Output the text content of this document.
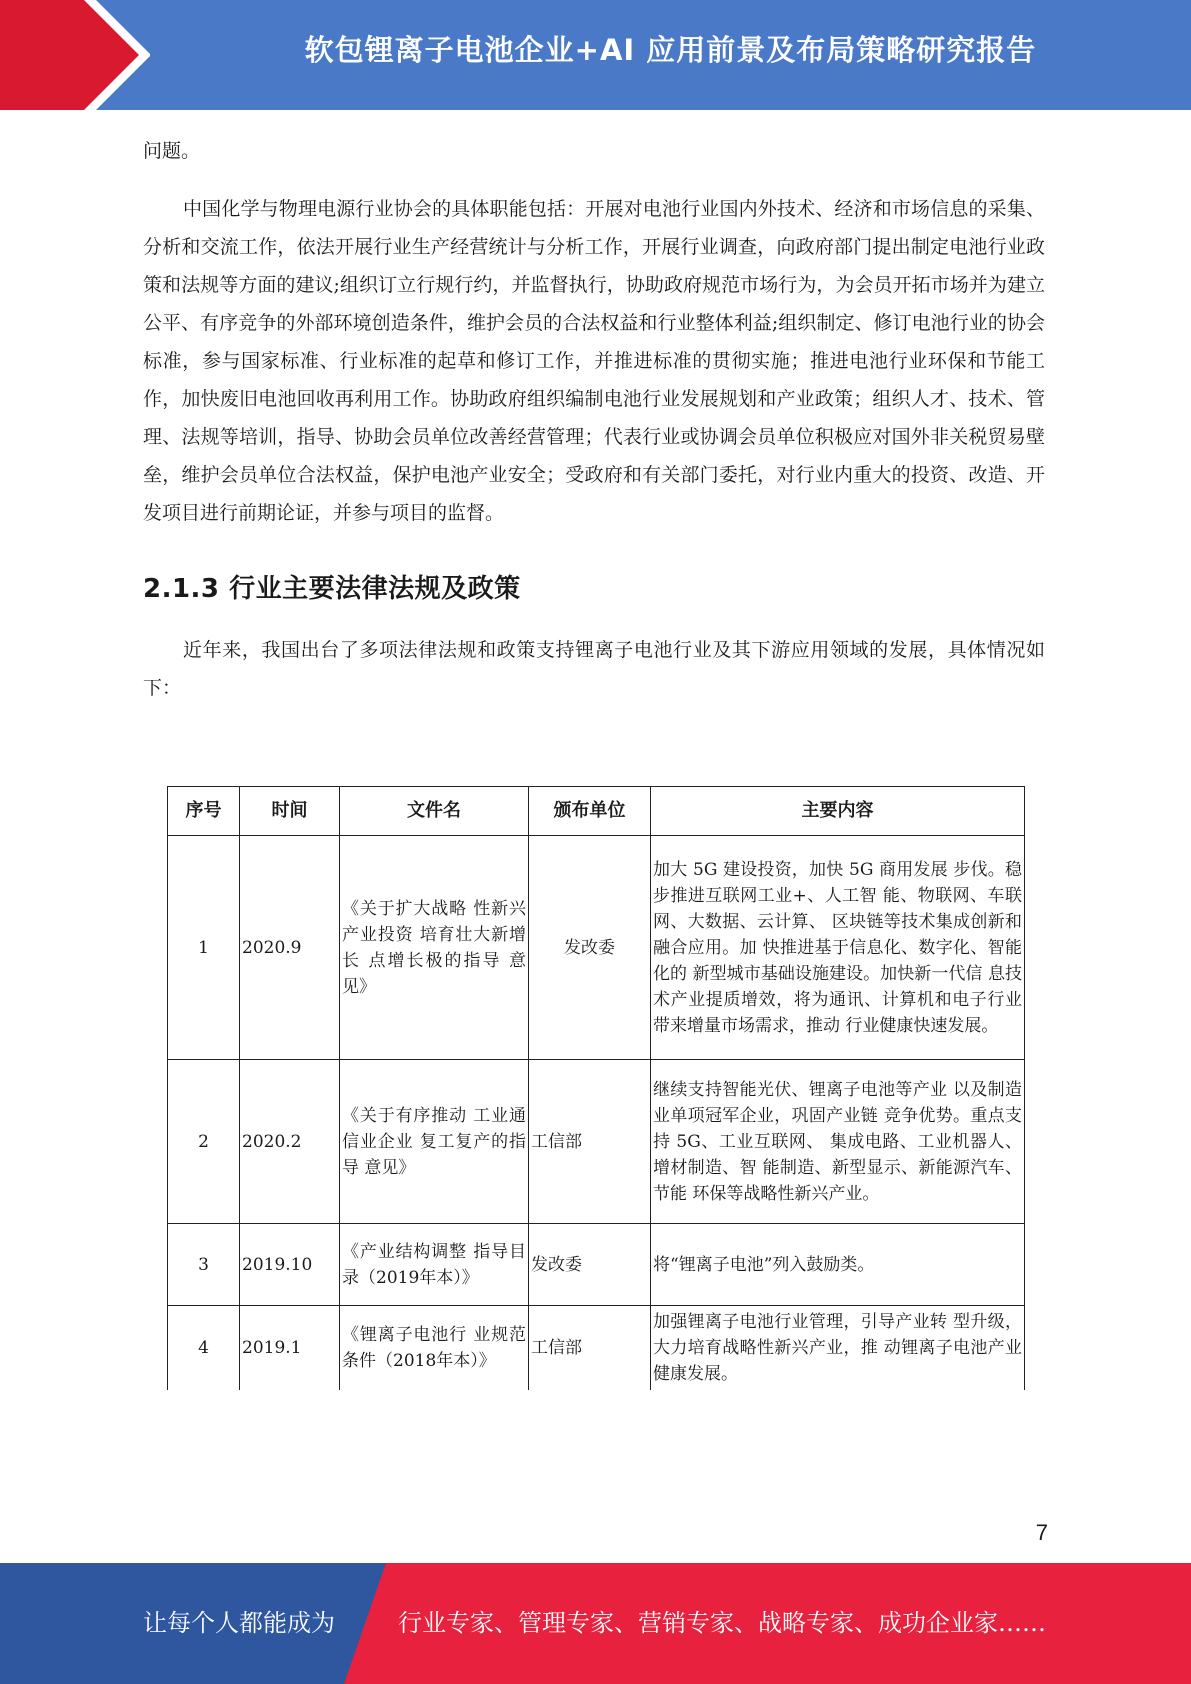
软包锂离子电池企业+AI 应用前景及布局策略研究报告

问题。

中国化学与物理电源行业协会的具体职能包括：开展对电池行业国内外技术、经济和市场信息的采集、分析和交流工作，依法开展行业生产经营统计与分析工作，开展行业调查，向政府部门提出制定电池行业政策和法规等方面的建议;组织订立行规行约，并监督执行，协助政府规范市场行为，为会员开拓市场并为建立公平、有序竞争的外部环境创造条件，维护会员的合法权益和行业整体利益;组织制定、修订电池行业的协会标准，参与国家标准、行业标准的起草和修订工作，并推进标准的贯彻实施；推进电池行业环保和节能工作，加快废旧电池回收再利用工作。协助政府组织编制电池行业发展规划和产业政策；组织人才、技术、管理、法规等培训，指导、协助会员单位改善经营管理；代表行业或协调会员单位积极应对国外非关税贸易壁垒，维护会员单位合法权益，保护电池产业安全；受政府和有关部门委托，对行业内重大的投资、改造、开发项目进行前期论证，并参与项目的监督。

2.1.3 行业主要法律法规及政策

近年来，我国出台了多项法律法规和政策支持锂离子电池行业及其下游应用领域的发展，具体情况如下：

序号	时间	文件名	颁布单位	主要内容
1	2020.9	《关于扩大战略 性新兴产业投资 培育壮大新增长 点增长极的指导 意见》	发改委	加大 5G 建设投资，加快 5G 商用发展 步伐。稳步推进互联网工业+、人工智 能、物联网、车联网、大数据、云计算、 区块链等技术集成创新和融合应用。加 快推进基于信息化、数字化、智能化的 新型城市基础设施建设。加快新一代信 息技术产业提质增效，将为通讯、计算机和电子行业带来增量市场需求，推动 行业健康快速发展。
2	2020.2	《关于有序推动 工业通信业企业 复工复产的指导 意见》	工信部	继续支持智能光伏、锂离子电池等产业 以及制造业单项冠军企业，巩固产业链 竞争优势。重点支持 5G、工业互联网、 集成电路、工业机器人、增材制造、智 能制造、新型显示、新能源汽车、节能 环保等战略性新兴产业。
3	2019.10	《产业结构调整 指导目录（2019年本）》	发改委	将“锂离子电池”列入鼓励类。
4	2019.1	《锂离子电池行 业规范条件（2018年本）》	工信部	加强锂离子电池行业管理，引导产业转 型升级，大力培育战略性新兴产业，推 动锂离子电池产业健康发展。
7
让每个人都能成为	行业专家、管理专家、营销专家、战略专家、成功企业家……
